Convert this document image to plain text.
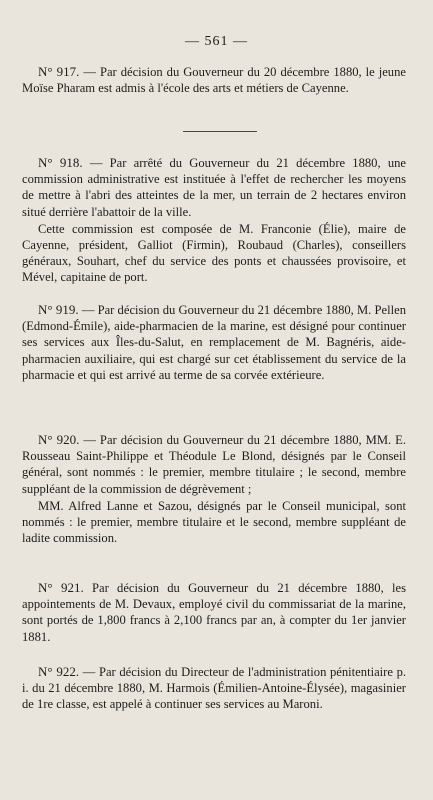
— 561 —

N° 917. — Par décision du Gouverneur du 20 décembre 1880, le jeune Moïse Pharam est admis à l'école des arts et métiers de Cayenne.

N° 918. — Par arrêté du Gouverneur du 21 décembre 1880, une commission administrative est instituée à l'effet de rechercher les moyens de mettre à l'abri des atteintes de la mer, un terrain de 2 hectares environ situé derrière l'abattoir de la ville.

Cette commission est composée de M. Franconie (Élie), maire de Cayenne, président, Galliot (Firmin), Roubaud (Charles), conseillers généraux, Souhart, chef du service des ponts et chaussées provisoire, et Mével, capitaine de port.

N° 919. — Par décision du Gouverneur du 21 décembre 1880, M. Pellen (Edmond-Émile), aide-pharmacien de la marine, est désigné pour continuer ses services aux Îles-du-Salut, en remplacement de M. Bagnéris, aide-pharmacien auxiliaire, qui est chargé sur cet établissement du service de la pharmacie et qui est arrivé au terme de sa corvée extérieure.

N° 920. — Par décision du Gouverneur du 21 décembre 1880, MM. E. Rousseau Saint-Philippe et Théodule Le Blond, désignés par le Conseil général, sont nommés : le premier, membre titulaire ; le second, membre suppléant de la commission de dégrèvement ;

MM. Alfred Lanne et Sazou, désignés par le Conseil municipal, sont nommés : le premier, membre titulaire et le second, membre suppléant de ladite commission.

N° 921. Par décision du Gouverneur du 21 décembre 1880, les appointements de M. Devaux, employé civil du commissariat de la marine, sont portés de 1,800 francs à 2,100 francs par an, à compter du 1er janvier 1881.

N° 922. — Par décision du Directeur de l'administration pénitentiaire p. i. du 21 décembre 1880, M. Harmois (Émilien-Antoine-Élysée), magasinier de 1re classe, est appelé à continuer ses services au Maroni.
